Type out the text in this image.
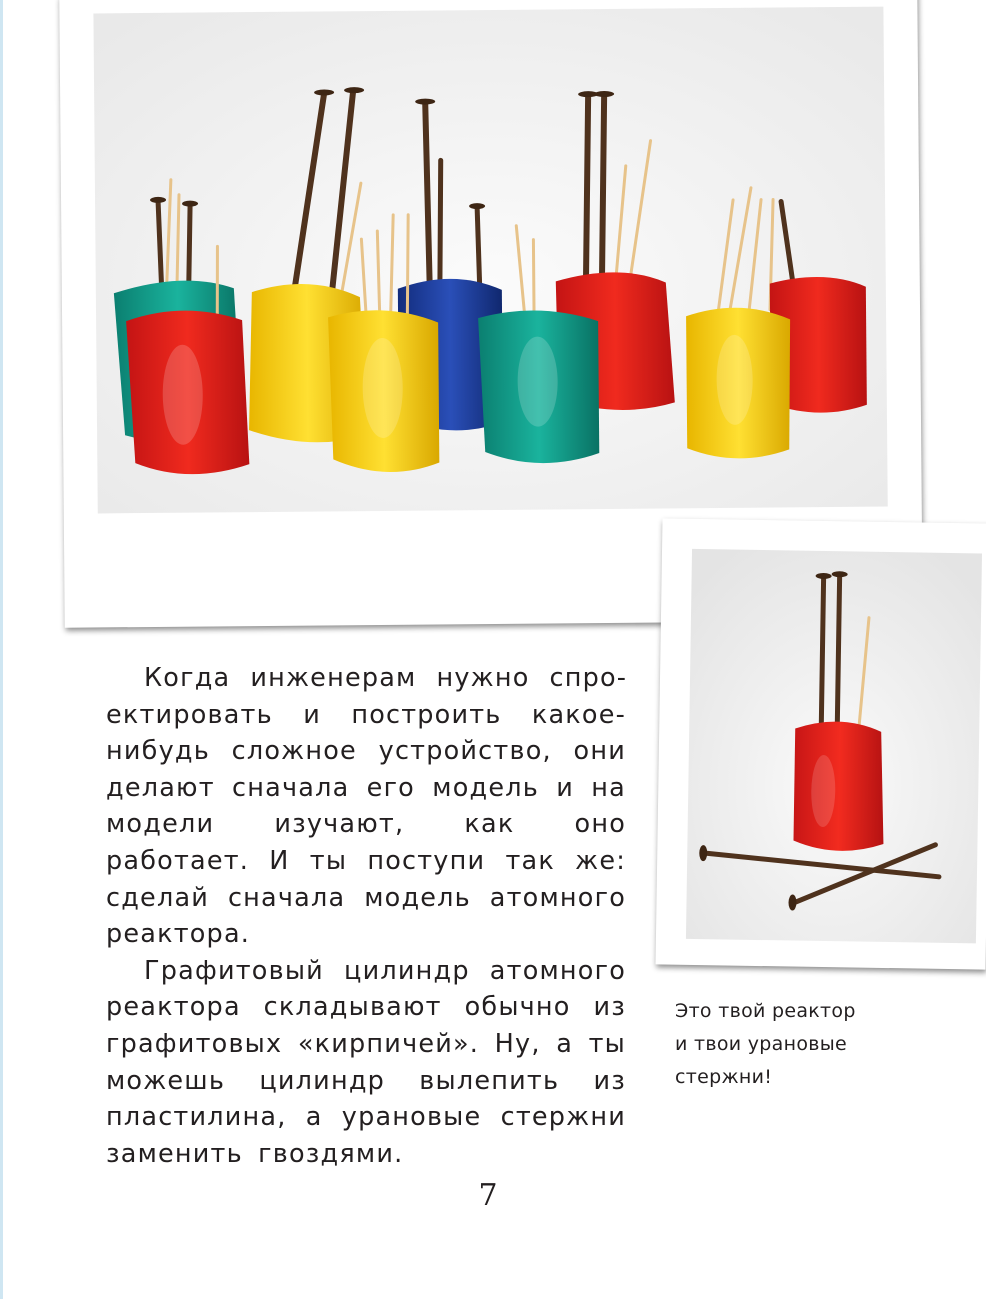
Когда инженерам нужно спроектировать и построить какое-нибудь сложное устройство, они делают сначала его модель и на модели изучают, как оно работает. И ты поступи так же: сделай сначала модель атомного реактора.

Графитовый цилиндр атомного реактора складывают обычно из графитовых «кирпичей». Ну, а ты можешь цилиндр вылепить из пластилина, а урановые стержни заменить гвоздями.

Это твой реактор
и твои урановые
стержни!
7
